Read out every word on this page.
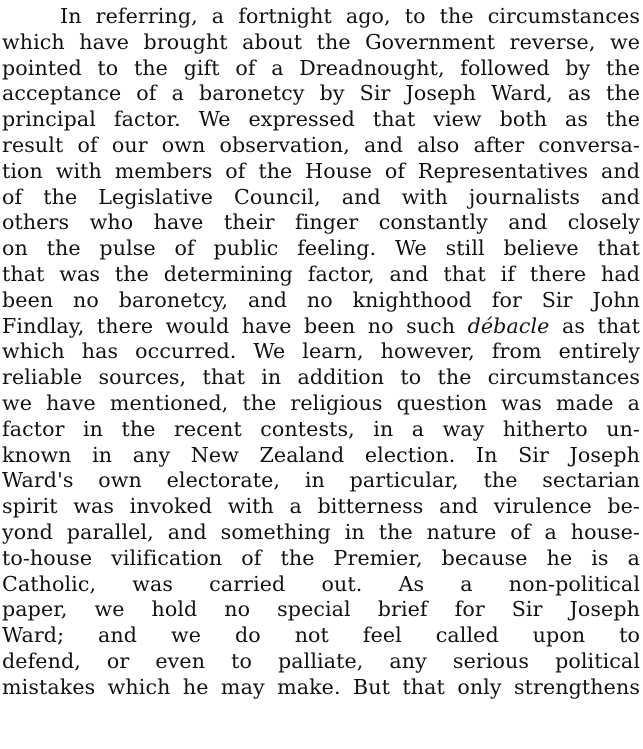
In referring, a fortnight ago, to the circumstances
which have brought about the Government reverse, we
pointed to the gift of a Dreadnought, followed by the
acceptance of a baronetcy by Sir Joseph Ward, as the
principal factor. We expressed that view both as the
result of our own observation, and also after conversa-
tion with members of the House of Representatives and
of the Legislative Council, and with journalists and
others who have their finger constantly and closely
on the pulse of public feeling. We still believe that
that was the determining factor, and that if there had
been no baronetcy, and no knighthood for Sir John
Findlay, there would have been no such débacle as that
which has occurred. We learn, however, from entirely
reliable sources, that in addition to the circumstances
we have mentioned, the religious question was made a
factor in the recent contests, in a way hitherto un-
known in any New Zealand election. In Sir Joseph
Ward's own electorate, in particular, the sectarian
spirit was invoked with a bitterness and virulence be-
yond parallel, and something in the nature of a house-
to-house vilification of the Premier, because he is a
Catholic, was carried out. As a non-political
paper, we hold no special brief for Sir Joseph
Ward; and we do not feel called upon to
defend, or even to palliate, any serious political
mistakes which he may make. But that only strengthens
